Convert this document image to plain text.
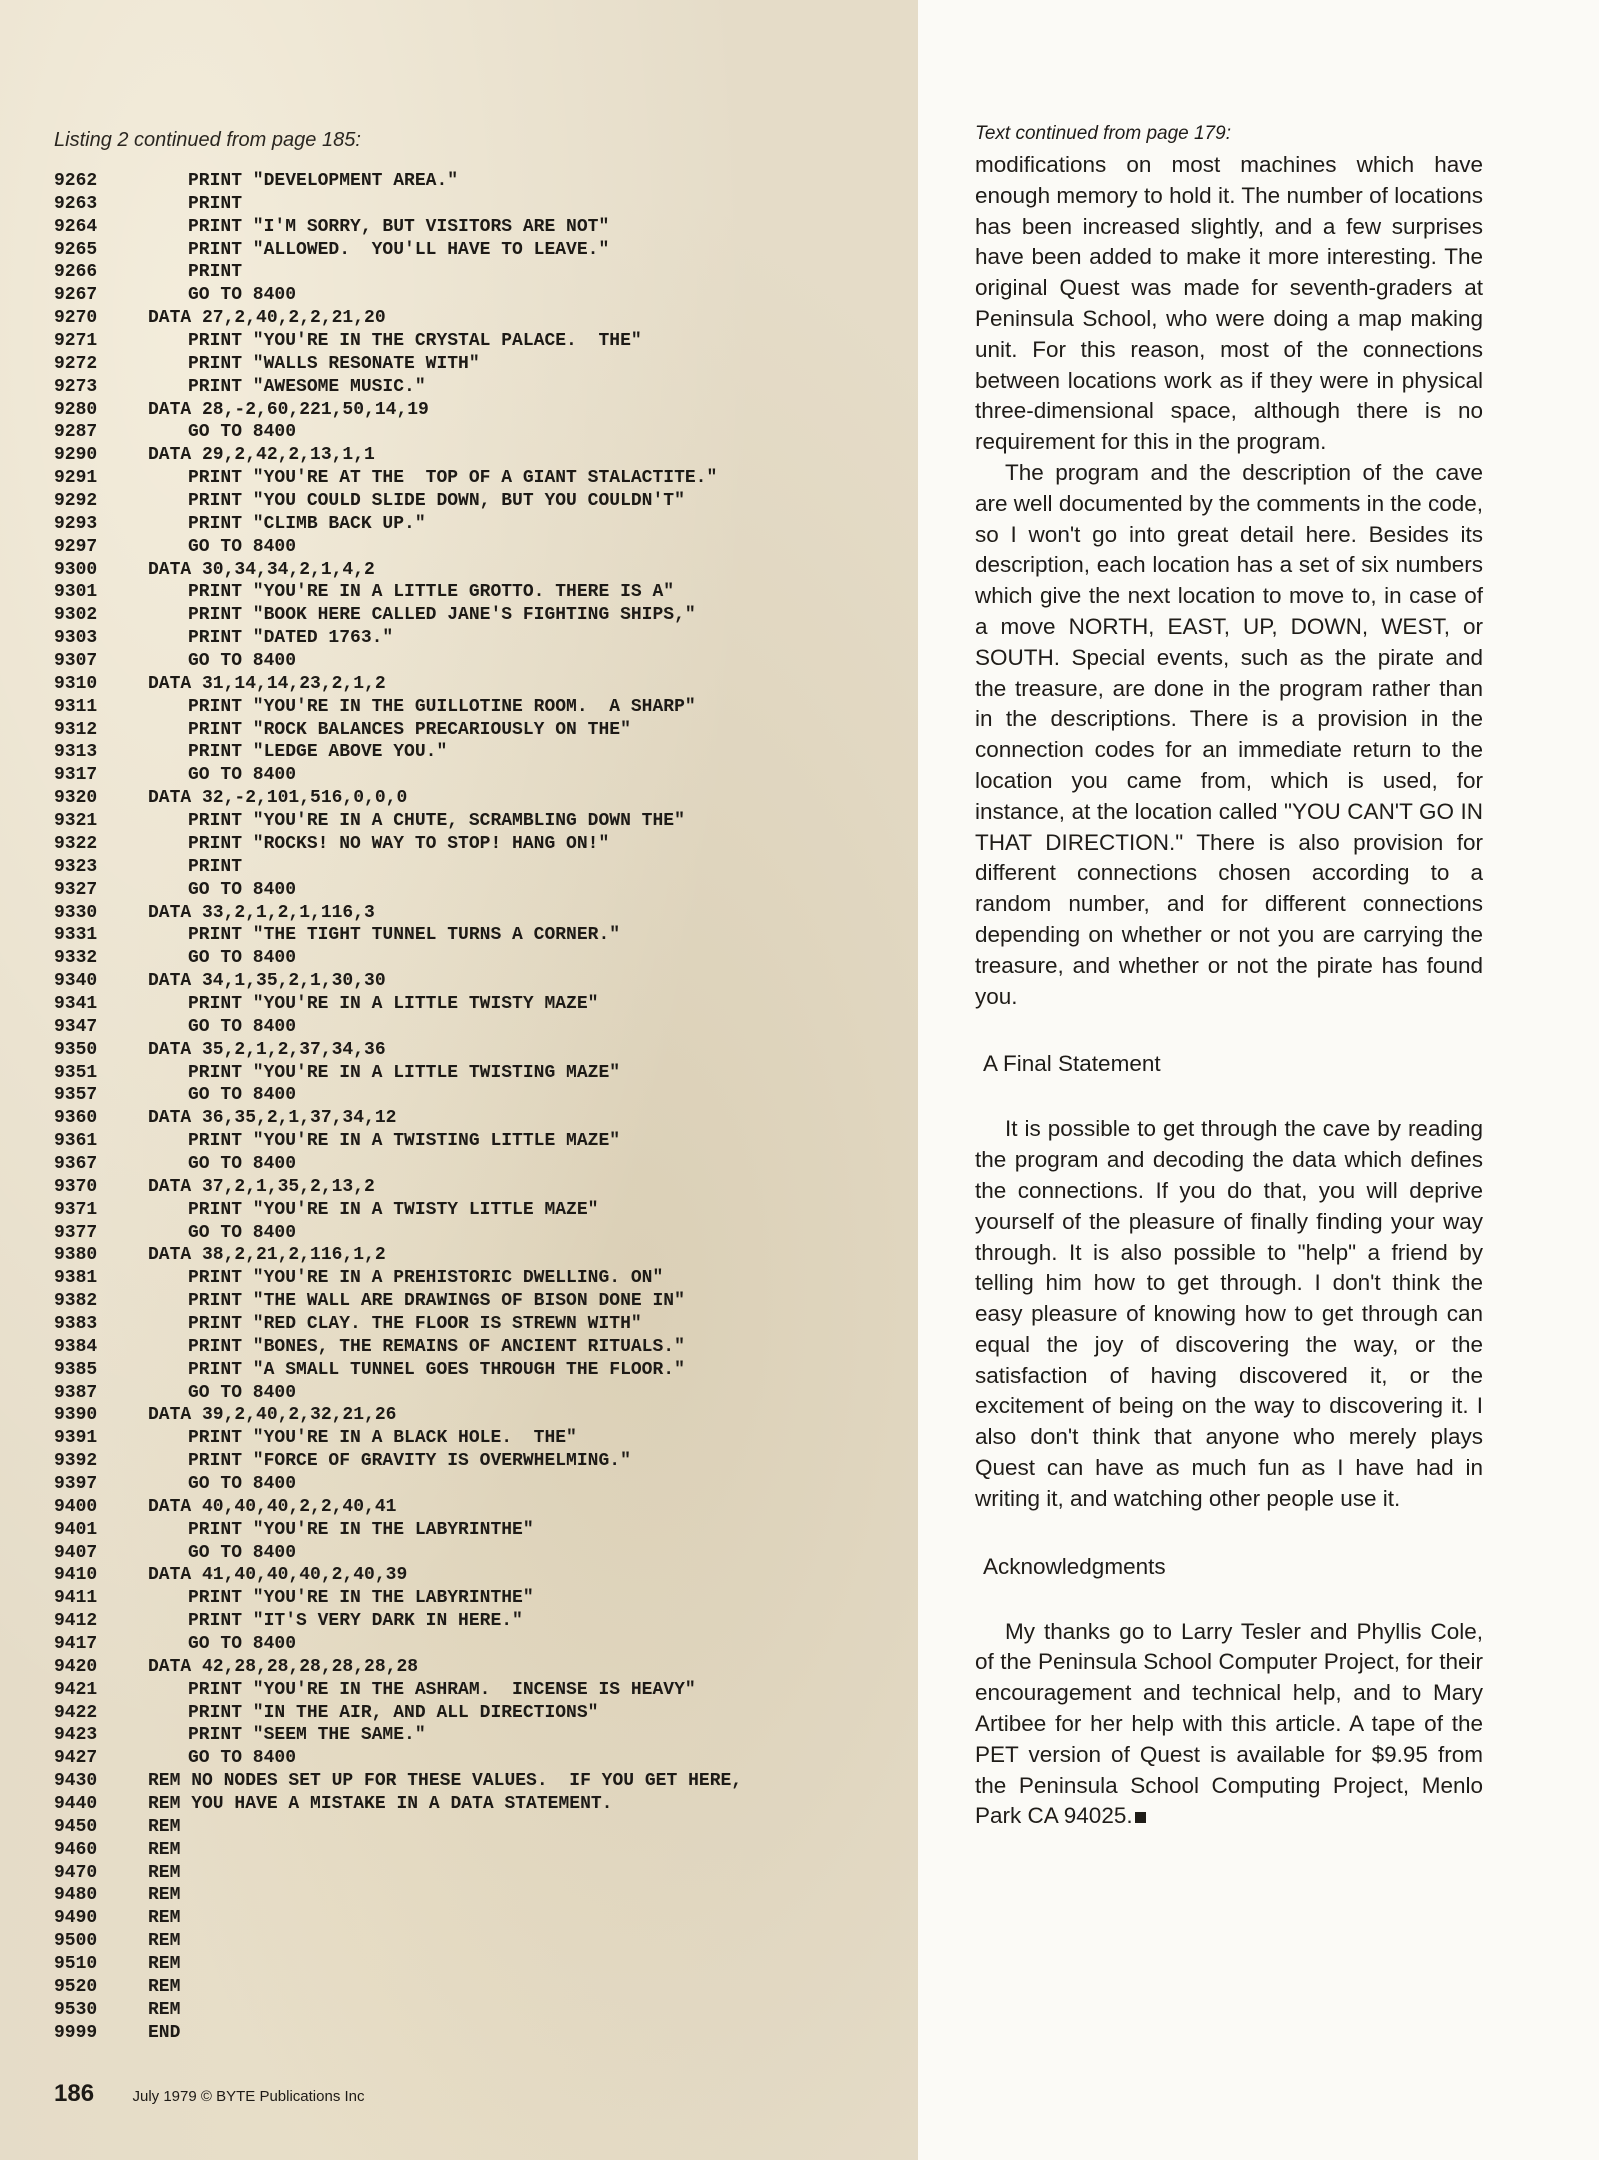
Listing 2 continued from page 185:
9262	PRINT "DEVELOPMENT AREA."
9263	PRINT
9264	PRINT "I'M SORRY, BUT VISITORS ARE NOT"
9265	PRINT "ALLOWED.  YOU'LL HAVE TO LEAVE."
9266	PRINT
9267	GO TO 8400
9270	DATA 27,2,40,2,2,21,20
9271	PRINT "YOU'RE IN THE CRYSTAL PALACE.  THE"
9272	PRINT "WALLS RESONATE WITH"
9273	PRINT "AWESOME MUSIC."
9280	DATA 28,-2,60,221,50,14,19
9287	GO TO 8400
9290	DATA 29,2,42,2,13,1,1
9291	PRINT "YOU'RE AT THE  TOP OF A GIANT STALACTITE."
9292	PRINT "YOU COULD SLIDE DOWN, BUT YOU COULDN'T"
9293	PRINT "CLIMB BACK UP."
9297	GO TO 8400
9300	DATA 30,34,34,2,1,4,2
9301	PRINT "YOU'RE IN A LITTLE GROTTO. THERE IS A"
9302	PRINT "BOOK HERE CALLED JANE'S FIGHTING SHIPS,"
9303	PRINT "DATED 1763."
9307	GO TO 8400
9310	DATA 31,14,14,23,2,1,2
9311	PRINT "YOU'RE IN THE GUILLOTINE ROOM.  A SHARP"
9312	PRINT "ROCK BALANCES PRECARIOUSLY ON THE"
9313	PRINT "LEDGE ABOVE YOU."
9317	GO TO 8400
9320	DATA 32,-2,101,516,0,0,0
9321	PRINT "YOU'RE IN A CHUTE, SCRAMBLING DOWN THE"
9322	PRINT "ROCKS! NO WAY TO STOP! HANG ON!"
9323	PRINT
9327	GO TO 8400
9330	DATA 33,2,1,2,1,116,3
9331	PRINT "THE TIGHT TUNNEL TURNS A CORNER."
9332	GO TO 8400
9340	DATA 34,1,35,2,1,30,30
9341	PRINT "YOU'RE IN A LITTLE TWISTY MAZE"
9347	GO TO 8400
9350	DATA 35,2,1,2,37,34,36
9351	PRINT "YOU'RE IN A LITTLE TWISTING MAZE"
9357	GO TO 8400
9360	DATA 36,35,2,1,37,34,12
9361	PRINT "YOU'RE IN A TWISTING LITTLE MAZE"
9367	GO TO 8400
9370	DATA 37,2,1,35,2,13,2
9371	PRINT "YOU'RE IN A TWISTY LITTLE MAZE"
9377	GO TO 8400
9380	DATA 38,2,21,2,116,1,2
9381	PRINT "YOU'RE IN A PREHISTORIC DWELLING. ON"
9382	PRINT "THE WALL ARE DRAWINGS OF BISON DONE IN"
9383	PRINT "RED CLAY. THE FLOOR IS STREWN WITH"
9384	PRINT "BONES, THE REMAINS OF ANCIENT RITUALS."
9385	PRINT "A SMALL TUNNEL GOES THROUGH THE FLOOR."
9387	GO TO 8400
9390	DATA 39,2,40,2,32,21,26
9391	PRINT "YOU'RE IN A BLACK HOLE.  THE"
9392	PRINT "FORCE OF GRAVITY IS OVERWHELMING."
9397	GO TO 8400
9400	DATA 40,40,40,2,2,40,41
9401	PRINT "YOU'RE IN THE LABYRINTHE"
9407	GO TO 8400
9410	DATA 41,40,40,40,2,40,39
9411	PRINT "YOU'RE IN THE LABYRINTHE"
9412	PRINT "IT'S VERY DARK IN HERE."
9417	GO TO 8400
9420	DATA 42,28,28,28,28,28,28
9421	PRINT "YOU'RE IN THE ASHRAM.  INCENSE IS HEAVY"
9422	PRINT "IN THE AIR, AND ALL DIRECTIONS"
9423	PRINT "SEEM THE SAME."
9427	GO TO 8400
9430	REM NO NODES SET UP FOR THESE VALUES.  IF YOU GET HERE,
9440	REM YOU HAVE A MISTAKE IN A DATA STATEMENT.
9450	REM
9460	REM
9470	REM
9480	REM
9490	REM
9500	REM
9510	REM
9520	REM
9530	REM
9999	END
186	July 1979 © BYTE Publications Inc
Text continued from page 179:

modifications on most machines which have enough memory to hold it. The number of locations has been increased slightly, and a few surprises have been added to make it more interesting. The original Quest was made for seventh-graders at Peninsula School, who were doing a map making unit. For this reason, most of the connections between locations work as if they were in physical three-dimensional space, although there is no requirement for this in the program.

The program and the description of the cave are well documented by the comments in the code, so I won't go into great detail here. Besides its description, each location has a set of six numbers which give the next location to move to, in case of a move NORTH, EAST, UP, DOWN, WEST, or SOUTH. Special events, such as the pirate and the treasure, are done in the program rather than in the descriptions. There is a provision in the connection codes for an immediate return to the location you came from, which is used, for instance, at the location called "YOU CAN'T GO IN THAT DIRECTION." There is also provision for different connections chosen according to a random number, and for different connections depending on whether or not you are carrying the treasure, and whether or not the pirate has found you.

A Final Statement

It is possible to get through the cave by reading the program and decoding the data which defines the connections. If you do that, you will deprive yourself of the pleasure of finally finding your way through. It is also possible to "help" a friend by telling him how to get through. I don't think the easy pleasure of knowing how to get through can equal the joy of discovering the way, or the satisfaction of having discovered it, or the excitement of being on the way to discovering it. I also don't think that anyone who merely plays Quest can have as much fun as I have had in writing it, and watching other people use it.

Acknowledgments

My thanks go to Larry Tesler and Phyllis Cole, of the Peninsula School Computer Project, for their encouragement and technical help, and to Mary Artibee for her help with this article. A tape of the PET version of Quest is available for $9.95 from the Peninsula School Computing Project, Menlo Park CA 94025.
